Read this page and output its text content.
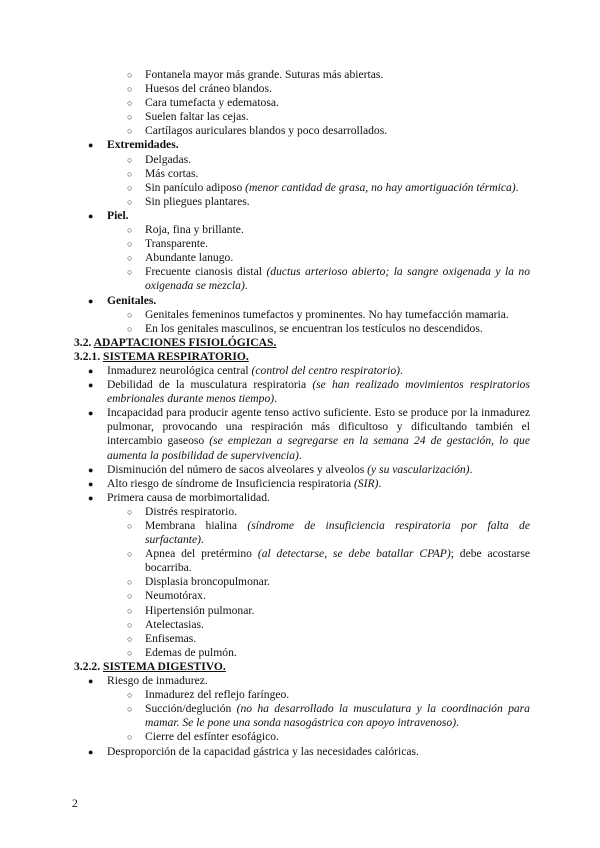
○ Fontanela mayor más grande. Suturas más abiertas.
○ Huesos del cráneo blandos.
○ Cara tumefacta y edematosa.
○ Suelen faltar las cejas.
○ Cartílagos auriculares blandos y poco desarrollados.
● Extremidades.
○ Delgadas.
○ Más cortas.
○ Sin panículo adiposo (menor cantidad de grasa, no hay amortiguación térmica).
○ Sin pliegues plantares.
● Piel.
○ Roja, fina y brillante.
○ Transparente.
○ Abundante lanugo.
○ Frecuente cianosis distal (ductus arterioso abierto; la sangre oxigenada y la no oxigenada se mezcla).
● Genitales.
○ Genitales femeninos tumefactos y prominentes. No hay tumefacción mamaria.
○ En los genitales masculinos, se encuentran los testículos no descendidos.
3.2. ADAPTACIONES FISIOLÓGICAS.
3.2.1. SISTEMA RESPIRATORIO.
● Inmadurez neurológica central (control del centro respiratorio).
● Debilidad de la musculatura respiratoria (se han realizado movimientos respiratorios embrionales durante menos tiempo).
● Incapacidad para producir agente tenso activo suficiente. Esto se produce por la inmadurez pulmonar, provocando una respiración más dificultoso y dificultando también el intercambio gaseoso (se empiezan a segregarse en la semana 24 de gestación, lo que aumenta la posibilidad de supervivencia).
● Disminución del número de sacos alveolares y alveolos (y su vascularización).
● Alto riesgo de síndrome de Insuficiencia respiratoria (SIR).
● Primera causa de morbimortalidad.
○ Distrés respiratorio.
○ Membrana hialina (síndrome de insuficiencia respiratoria por falta de surfactante).
○ Apnea del pretérmino (al detectarse, se debe batallar CPAP); debe acostarse bocarriba.
○ Displasia broncopulmonar.
○ Neumotórax.
○ Hipertensión pulmonar.
○ Atelectasias.
○ Enfisemas.
○ Edemas de pulmón.
3.2.2. SISTEMA DIGESTIVO.
● Riesgo de inmadurez.
○ Inmadurez del reflejo faríngeo.
○ Succión/deglución (no ha desarrollado la musculatura y la coordinación para mamar. Se le pone una sonda nasogástrica con apoyo intravenoso).
○ Cierre del esfínter esofágico.
● Desproporción de la capacidad gástrica y las necesidades calóricas.
2
